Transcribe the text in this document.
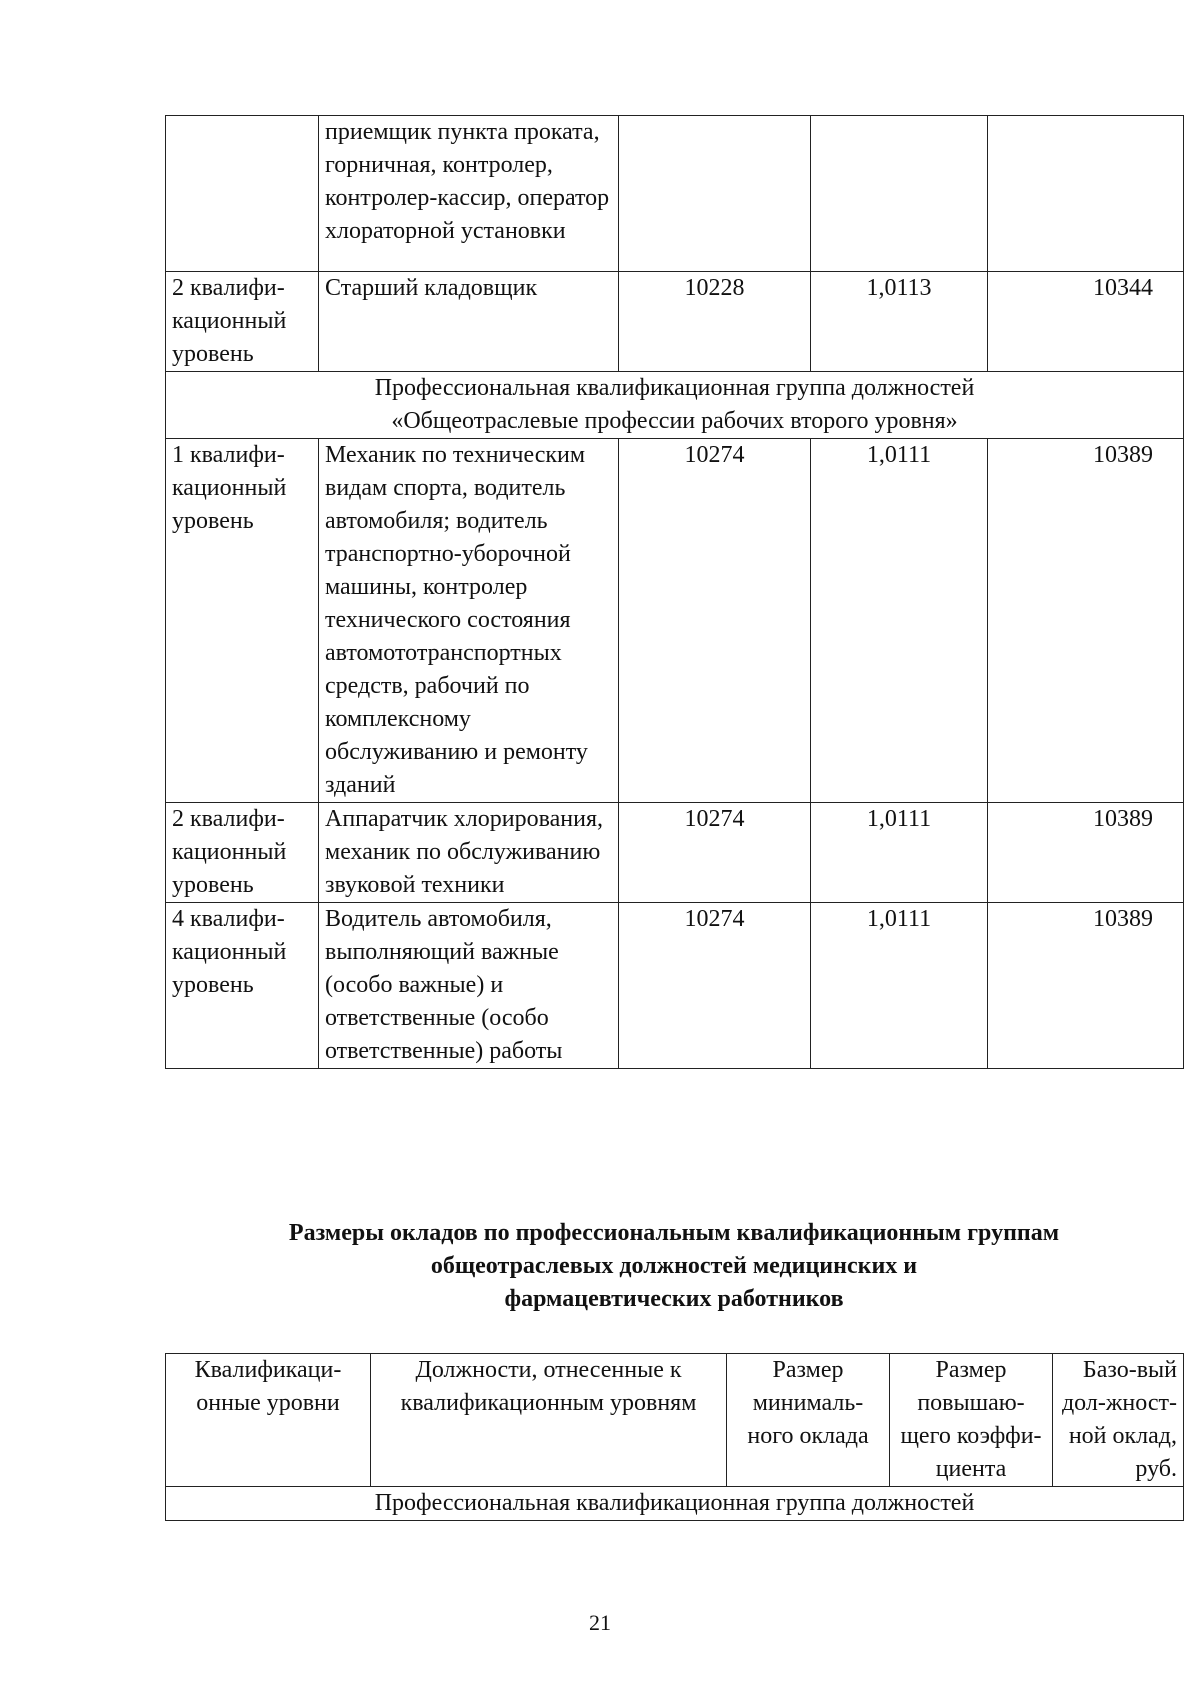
	приемщик пункта проката, горничная, контролер, контролер-кассир, оператор хлораторной установки			
2 квалифи-кационный уровень	Старший кладовщик	10228	1,0113	10344

Профессиональная квалификационная группа должностей
«Общеотраслевые профессии рабочих второго уровня»				

1 квалифи-кационный уровень	Механик по техническим видам спорта, водитель автомобиля; водитель транспортно-уборочной машины, контролер технического состояния автомототранспортных средств, рабочий по комплексному обслуживанию и ремонту зданий	10274	1,0111	10389
2 квалифи-кационный уровень	Аппаратчик хлорирования, механик по обслуживанию звуковой техники	10274	1,0111	10389
4 квалифи-кационный уровень	Водитель автомобиля, выполняющий важные (особо важные) и ответственные (особо ответственные) работы	10274	1,0111	10389
Размеры окладов по профессиональным квалификационным группам
общеотраслевых должностей медицинских и
фармацевтических работников
Квалификаци-онные уровни	Должности, отнесенные к квалификационным уровням	Размер минималь-ного оклада	Размер повышаю-щего коэффи-циента	Базо-вый дол-жност-ной оклад, руб.
Профессиональная квалификационная группа должностей
21
